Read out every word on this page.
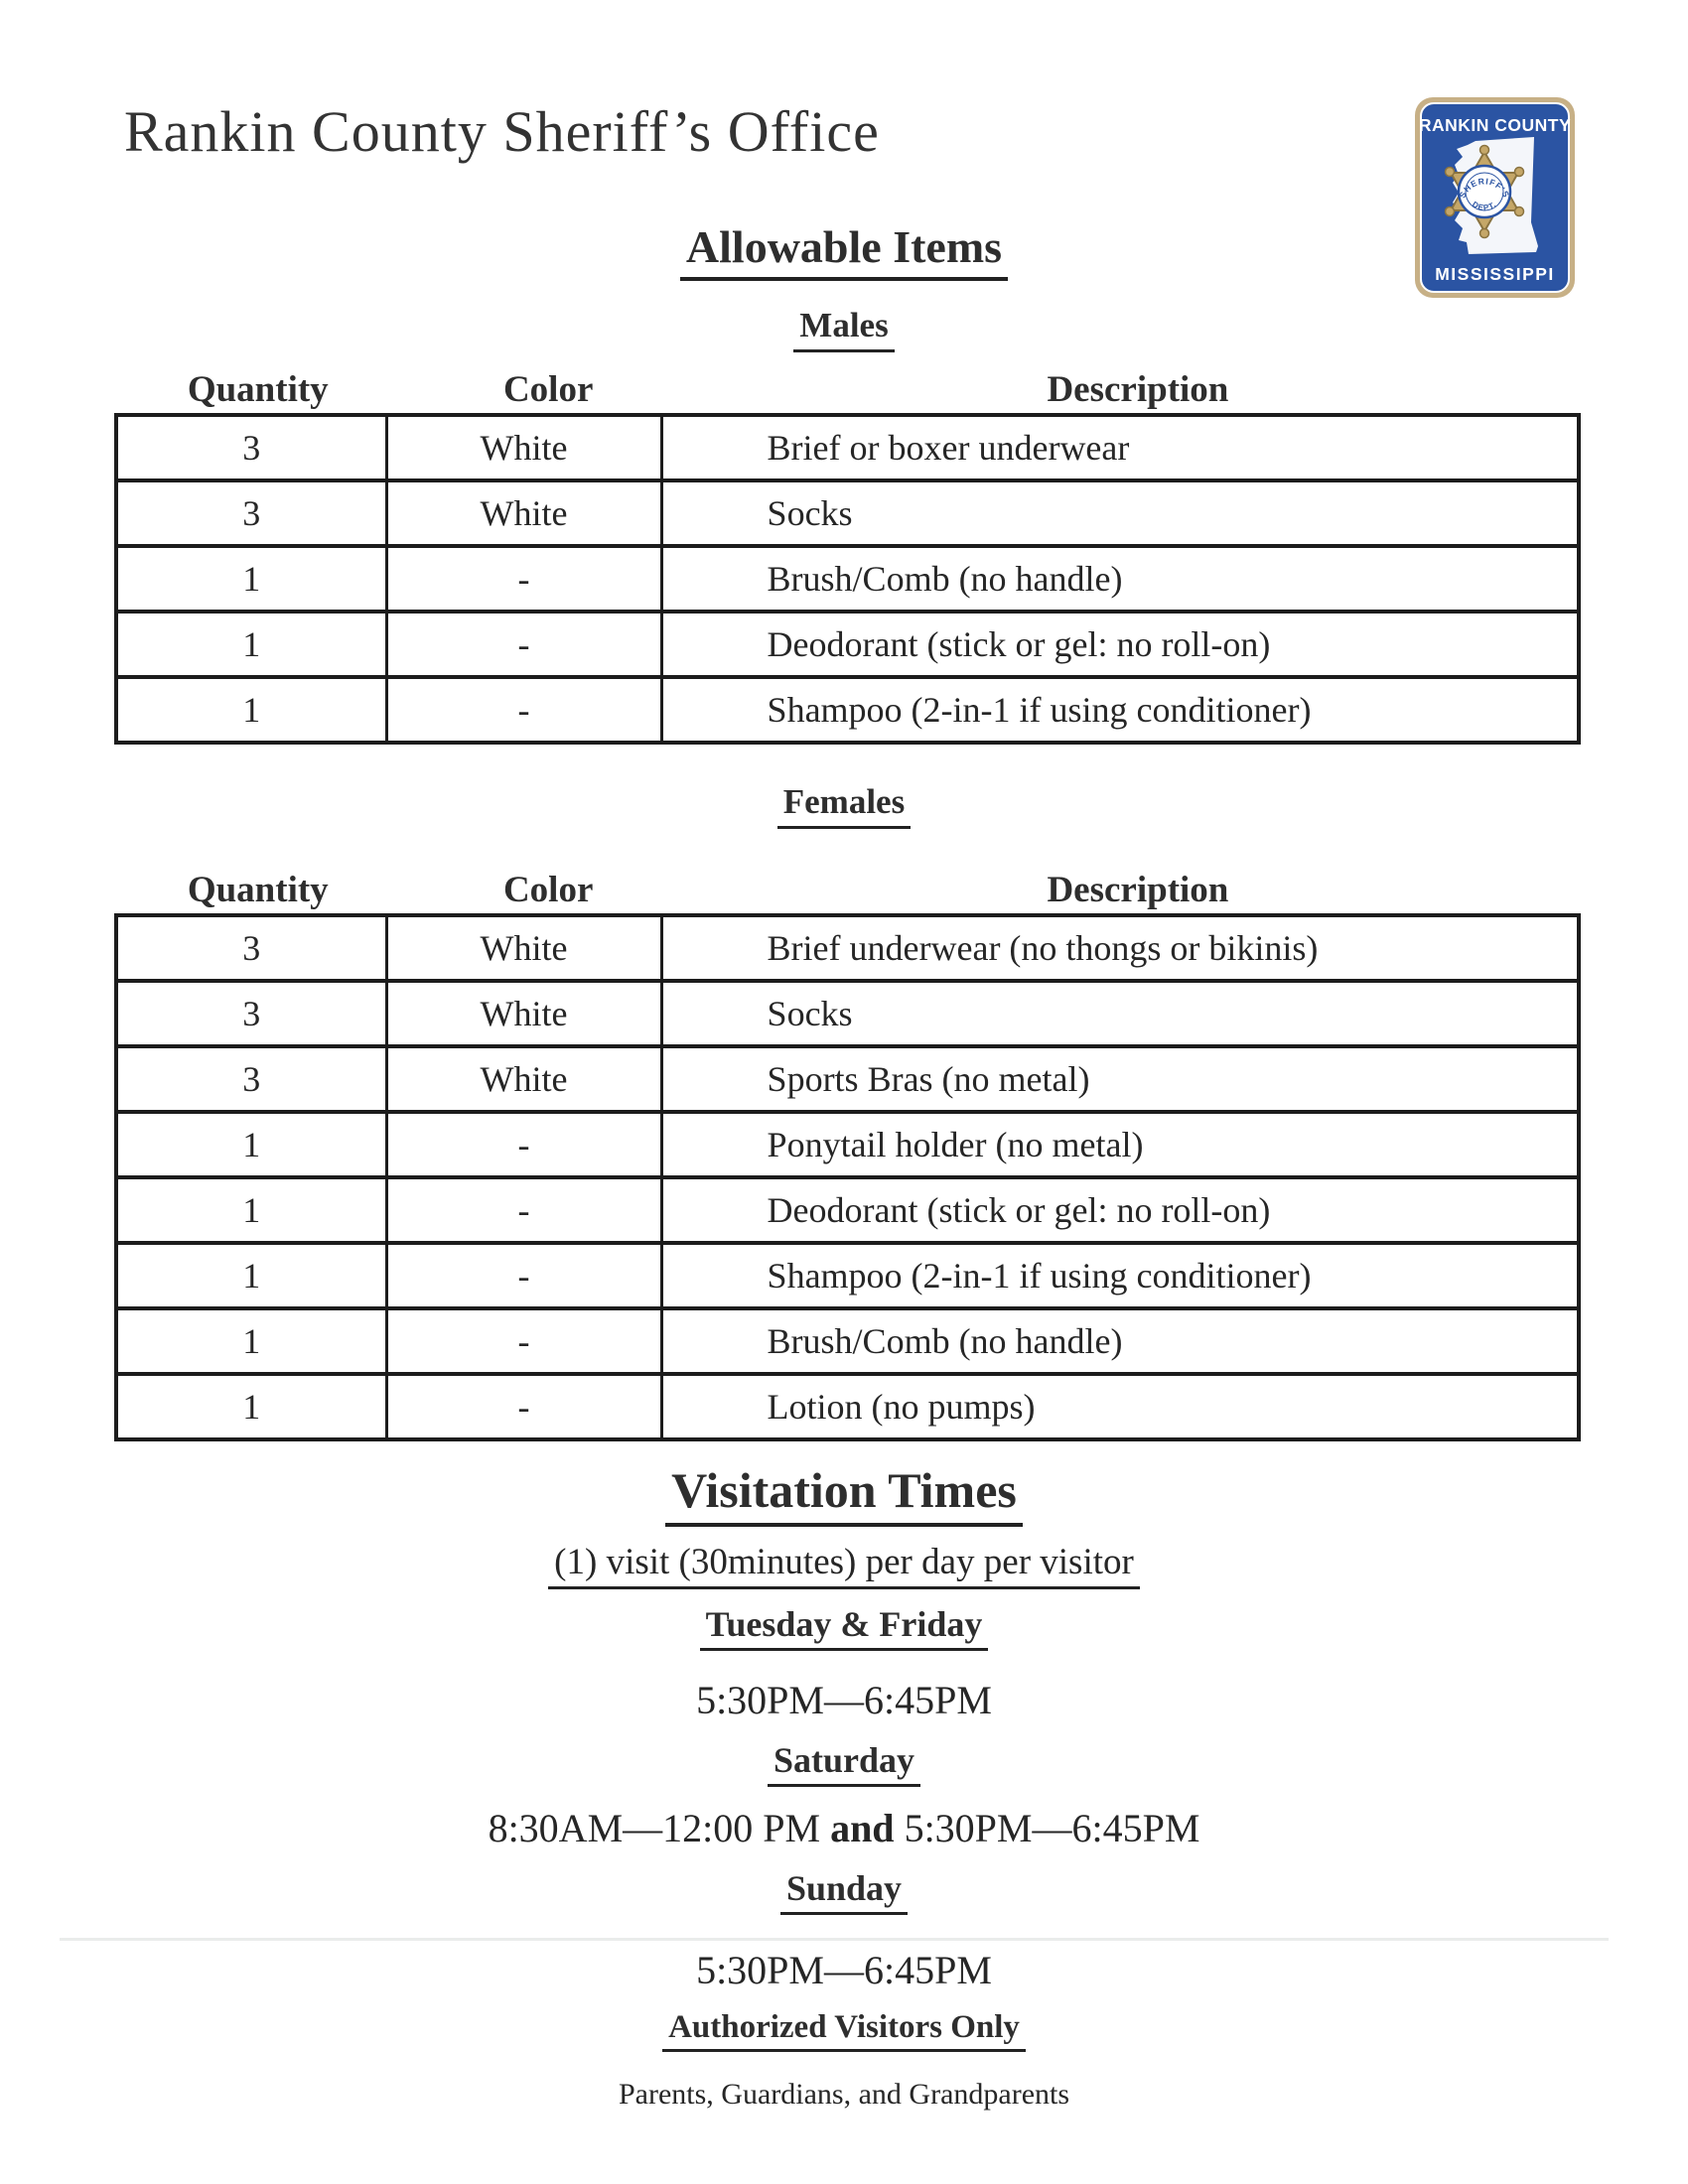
Rankin County Sheriff’s Office	RANKIN COUNTY
SHERIFF'S
DEPT.
MISSISSIPPI
Allowable Items
Males
Quantity	Color	Description
3	White	Brief or boxer underwear
3	White	Socks
1	-	Brush/Comb (no handle)
1	-	Deodorant (stick or gel: no roll-on)
1	-	Shampoo (2-in-1 if using conditioner)
Females
Quantity	Color	Description
3	White	Brief underwear (no thongs or bikinis)
3	White	Socks
3	White	Sports Bras (no metal)
1	-	Ponytail holder (no metal)
1	-	Deodorant (stick or gel: no roll-on)
1	-	Shampoo (2-in-1 if using conditioner)
1	-	Brush/Comb (no handle)
1	-	Lotion (no pumps)
Visitation Times
(1) visit (30minutes) per day per visitor
Tuesday & Friday
5:30PM—6:45PM
Saturday
8:30AM—12:00 PM and 5:30PM—6:45PM
Sunday
5:30PM—6:45PM
Authorized Visitors Only
Parents, Guardians, and Grandparents
